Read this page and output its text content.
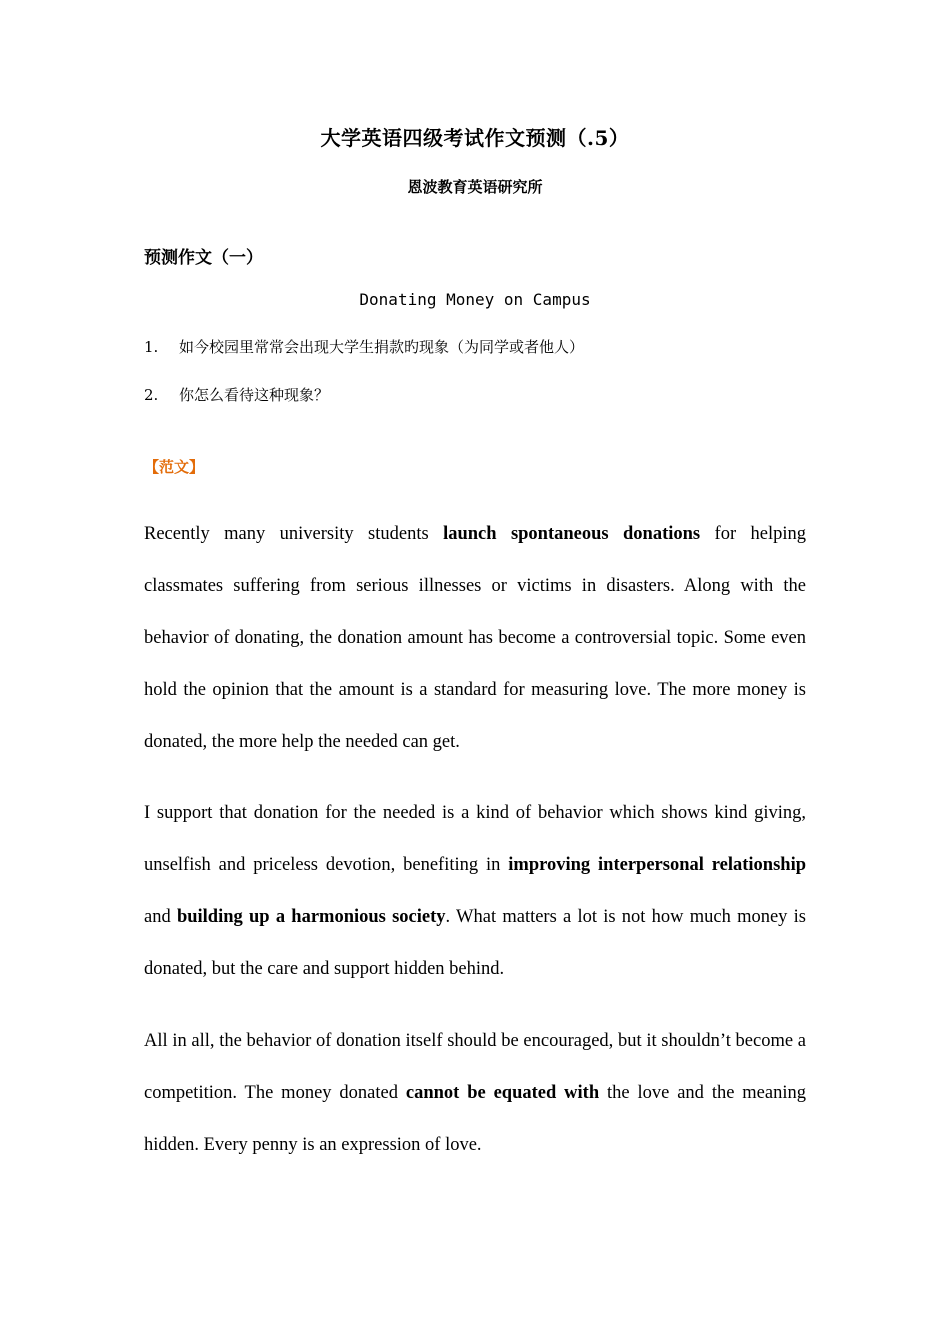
大学英语四级考试作文预测（.5）
恩波教育英语研究所
预测作文（一）
Donating Money on Campus
1. 如今校园里常常会出现大学生捐款旳现象（为同学或者他人）
2. 你怎么看待这种现象？
【范文】

Recently many university students launch spontaneous donations for helping classmates suffering from serious illnesses or victims in disasters. Along with the behavior of donating, the donation amount has become a controversial topic. Some even hold the opinion that the amount is a standard for measuring love. The more money is donated, the more help the needed can get.

I support that donation for the needed is a kind of behavior which shows kind giving, unselfish and priceless devotion, benefiting in improving interpersonal relationship and building up a harmonious society. What matters a lot is not how much money is donated, but the care and support hidden behind.

All in all, the behavior of donation itself should be encouraged, but it shouldn’t become a competition. The money donated cannot be equated with the love and the meaning hidden. Every penny is an expression of love.
